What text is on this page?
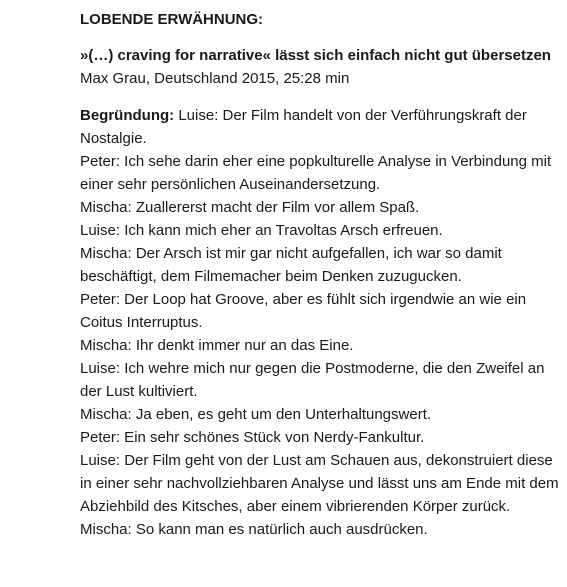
LOBENDE ERWÄHNUNG:

»(…) craving for narrative« lässt sich einfach nicht gut übersetzen

Max Grau, Deutschland 2015, 25:28 min

Begründung: Luise: Der Film handelt von der Verführungskraft der Nostalgie.

Peter: Ich sehe darin eher eine popkulturelle Analyse in Verbindung mit einer sehr persönlichen Auseinandersetzung.

Mischa: Zuallererst macht der Film vor allem Spaß.

Luise: Ich kann mich eher an Travoltas Arsch erfreuen.

Mischa: Der Arsch ist mir gar nicht aufgefallen, ich war so damit beschäftigt, dem Filmemacher beim Denken zuzugucken.

Peter: Der Loop hat Groove, aber es fühlt sich irgendwie an wie ein Coitus Interruptus.

Mischa: Ihr denkt immer nur an das Eine.

Luise: Ich wehre mich nur gegen die Postmoderne, die den Zweifel an der Lust kultiviert.

Mischa: Ja eben, es geht um den Unterhaltungswert.

Peter: Ein sehr schönes Stück von Nerdy-Fankultur.

Luise: Der Film geht von der Lust am Schauen aus, dekonstruiert diese in einer sehr nachvollziehbaren Analyse und lässt uns am Ende mit dem Abziehbild des Kitsches, aber einem vibrierenden Körper zurück.

Mischa: So kann man es natürlich auch ausdrücken.
